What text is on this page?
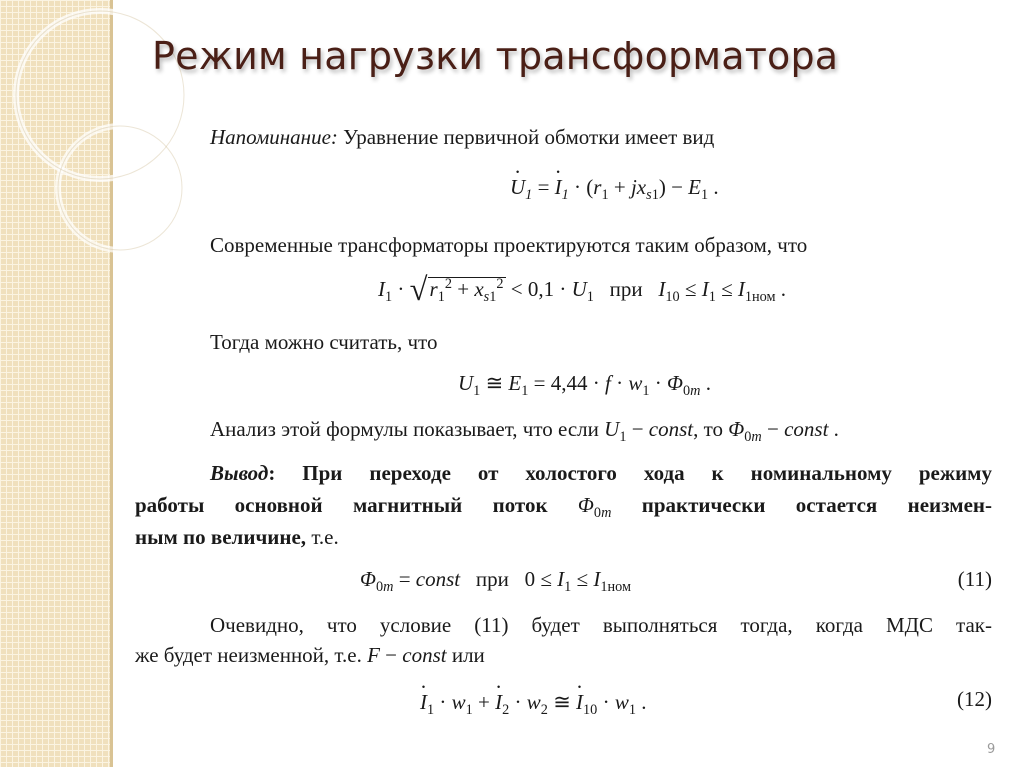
Режим нагрузки трансформатора
Напоминание: Уравнение первичной обмотки имеет вид
· $U_1$ = · $I_1 \cdot (r_1 + jx_{s1}) - E_1$ .
Современные трансформаторы проектируются таким образом, что
$I_1 \cdot √r_1^2 + x_{s1}^2 < 0,1 \cdot U_1$ при $I_{10} \le I_1 \le I_{1ном}$ .
Тогда можно считать, что
$U_1$ ≅ $E_1 = 4,44 \cdot f \cdot w_1 \cdot \Phi_{0m}$ .
Анализ этой формулы показывает, что если $U_1$ − const, то $\Phi_{0m}$ − const .
Вывод: При переходе от холостого хода к номинальному режиму
работы основной магнитный поток $\Phi_{0m}$ практически остается неизмен-
ным по величине, т.е.
$\Phi_{0m}$ = const при   $0 \le I_1 \le I_{1ном}$	(11)
Очевидно, что условие (11) будет выполняться тогда, когда МДС так-
же будет неизменной, т.е. F − const или
· $I_1 \cdot w_1$ + · $I_2 \cdot w_2$ ≅ · $I_{10} \cdot w_1$ .	(12)
9
